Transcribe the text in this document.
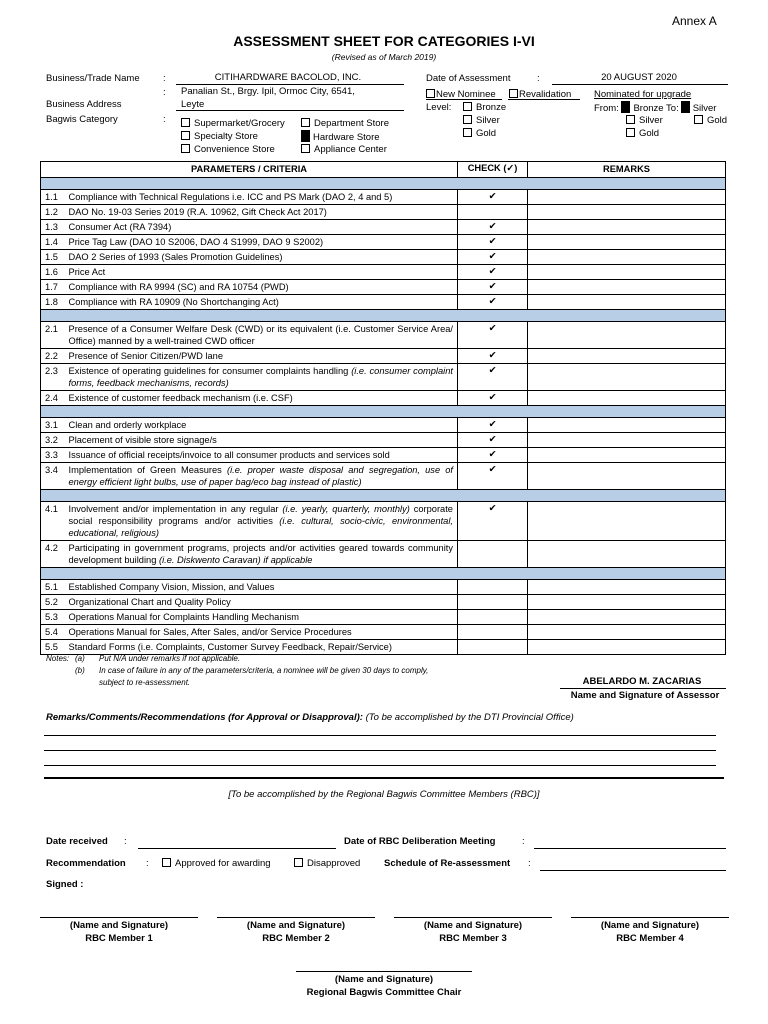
Annex A
ASSESSMENT SHEET FOR CATEGORIES I-VI
(Revised as of March 2019)
Business/Trade Name :	CITIHARDWARE BACOLOD, INC.
: Panalian St., Brgy. Ipil, Ormoc City, 6541,
Leyte
Business Address
Bagwis Category	:	Supermarket/Grocery	Department Store
Specialty Store	Hardware Store
Convenience Store	Appliance Center
Date of Assessment	:	20 AUGUST 2020
New Nominee	Revalidation Nominated for upgrade
Level:	Bronze
Silver
Gold
From: Bronze To: Silver
Silver	Gold
Gold
PARAMETERS / CRITERIA		CHECK (✓)	REMARKS

1.1	Compliance with Technical Regulations i.e. ICC and PS Mark (DAO 2, 4 and 5)	✔	
1.2	DAO No. 19-03 Series 2019 (R.A. 10962, Gift Check Act 2017)		
1.3	Consumer Act (RA 7394)	✔	
1.4	Price Tag Law (DAO 10 S2006, DAO 4 S1999, DAO 9 S2002)	✔	
1.5	DAO 2 Series of 1993 (Sales Promotion Guidelines)	✔	
1.6	Price Act	✔	
1.7	Compliance with RA 9994 (SC) and RA 10754 (PWD)	✔	
1.8	Compliance with RA 10909 (No Shortchanging Act)	✔	

2.1	Presence of a Consumer Welfare Desk (CWD) or its equivalent (i.e. Customer Service Area/ Office) manned by a well-trained CWD officer	✔	
2.2	Presence of Senior Citizen/PWD lane	✔	
2.3	Existence of operating guidelines for consumer complaints handling (i.e. consumer complaint forms, feedback mechanisms, records)	✔	
2.4	Existence of customer feedback mechanism (i.e. CSF)	✔	

3.1	Clean and orderly workplace	✔	
3.2	Placement of visible store signage/s	✔	
3.3	Issuance of official receipts/invoice to all consumer products and services sold	✔	
3.4	Implementation of Green Measures (i.e. proper waste disposal and segregation, use of energy efficient light bulbs, use of paper bag/eco bag instead of plastic)	✔	

4.1	Involvement and/or implementation in any regular (i.e. yearly, quarterly, monthly) corporate social responsibility programs and/or activities (i.e. cultural, socio-civic, environmental, educational, religious)	✔	
4.2	Participating in government programs, projects and/or activities geared towards community development building (i.e. Diskwento Caravan) if applicable		

5.1	Established Company Vision, Mission, and Values		
5.2	Organizational Chart and Quality Policy		
5.3	Operations Manual for Complaints Handling Mechanism		
5.4	Operations Manual for Sales, After Sales, and/or Service Procedures		
5.5	Standard Forms (i.e. Complaints, Customer Survey Feedback, Repair/Service)		
Notes: (a) Put N/A under remarks if not applicable.
(b) In case of failure in any of the parameters/criteria, a nominee will be given 30 days to comply,
subject to re-assessment.	ABELARDO M. ZACARIAS
Name and Signature of Assessor
Remarks/Comments/Recommendations (for Approval or Disapproval): (To be accomplished by the DTI Provincial Office)
[To be accomplished by the Regional Bagwis Committee Members (RBC)]
Date received :	Date of RBC Deliberation Meeting	:
Recommendation :	Approved for awarding	Disapproved Schedule of Re-assessment :
Signed :
(Name and Signature)
RBC Member 1
(Name and Signature)
RBC Member 2
(Name and Signature)
RBC Member 3
(Name and Signature)
RBC Member 4
(Name and Signature)
Regional Bagwis Committee Chair
